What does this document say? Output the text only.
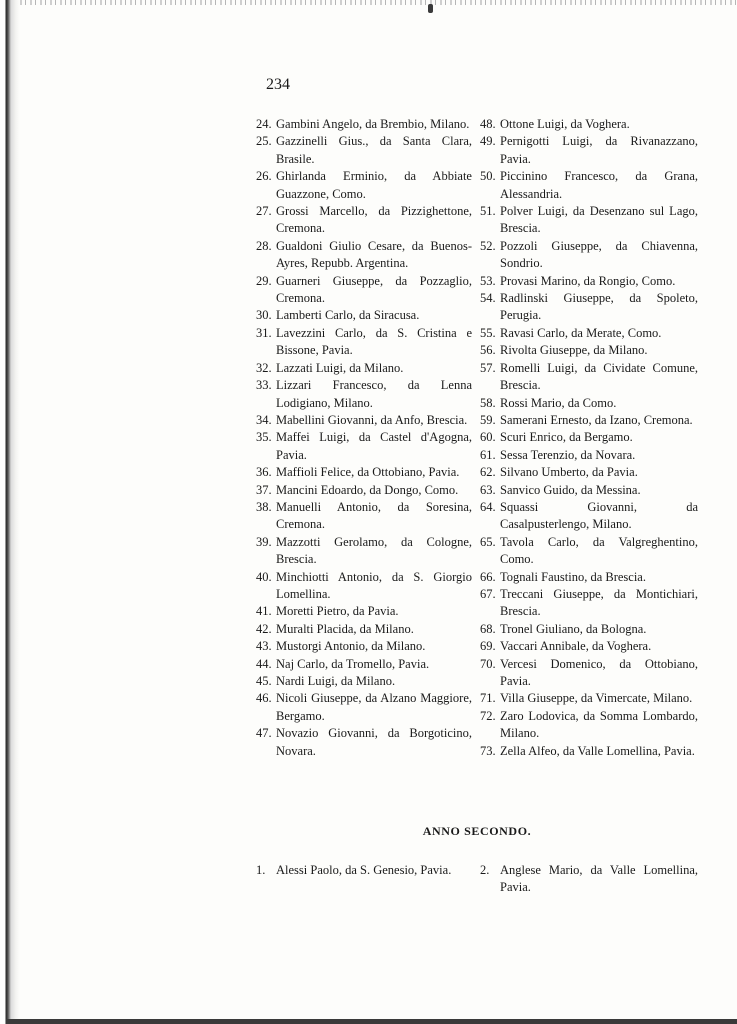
234
24. Gambini Angelo, da Brembio, Milano.
25. Gazzinelli Gius., da Santa Clara, Brasile.
26. Ghirlanda Erminio, da Abbiate Guazzone, Como.
27. Grossi Marcello, da Pizzighettone, Cremona.
28. Gualdoni Giulio Cesare, da Buenos-Ayres, Repubb. Argentina.
29. Guarneri Giuseppe, da Pozzaglio, Cremona.
30. Lamberti Carlo, da Siracusa.
31. Lavezzini Carlo, da S. Cristina e Bissone, Pavia.
32. Lazzati Luigi, da Milano.
33. Lizzari Francesco, da Lenna Lodigiano, Milano.
34. Mabellini Giovanni, da Anfo, Brescia.
35. Maffei Luigi, da Castel d'Agogna, Pavia.
36. Maffioli Felice, da Ottobiano, Pavia.
37. Mancini Edoardo, da Dongo, Como.
38. Manuelli Antonio, da Soresina, Cremona.
39. Mazzotti Gerolamo, da Cologne, Brescia.
40. Minchiotti Antonio, da S. Giorgio Lomellina.
41. Moretti Pietro, da Pavia.
42. Muralti Placida, da Milano.
43. Mustorgi Antonio, da Milano.
44. Naj Carlo, da Tromello, Pavia.
45. Nardi Luigi, da Milano.
46. Nicoli Giuseppe, da Alzano Maggiore, Bergamo.
47. Novazio Giovanni, da Borgoticino, Novara.
48. Ottone Luigi, da Voghera.
49. Pernigotti Luigi, da Rivanazzano, Pavia.
50. Piccinino Francesco, da Grana, Alessandria.
51. Polver Luigi, da Desenzano sul Lago, Brescia.
52. Pozzoli Giuseppe, da Chiavenna, Sondrio.
53. Provasi Marino, da Rongio, Como.
54. Radlinski Giuseppe, da Spoleto, Perugia.
55. Ravasi Carlo, da Merate, Como.
56. Rivolta Giuseppe, da Milano.
57. Romelli Luigi, da Cividate Comune, Brescia.
58. Rossi Mario, da Como.
59. Samerani Ernesto, da Izano, Cremona.
60. Scuri Enrico, da Bergamo.
61. Sessa Terenzio, da Novara.
62. Silvano Umberto, da Pavia.
63. Sanvico Guido, da Messina.
64. Squassi Giovanni, da Casalpusterlengo, Milano.
65. Tavola Carlo, da Valgreghentino, Como.
66. Tognali Faustino, da Brescia.
67. Treccani Giuseppe, da Montichiari, Brescia.
68. Tronel Giuliano, da Bologna.
69. Vaccari Annibale, da Voghera.
70. Vercesi Domenico, da Ottobiano, Pavia.
71. Villa Giuseppe, da Vimercate, Milano.
72. Zaro Lodovica, da Somma Lombardo, Milano.
73. Zella Alfeo, da Valle Lomellina, Pavia.
ANNO SECONDO.
1. Alessi Paolo, da S. Genesio, Pavia.	2. Anglese Mario, da Valle Lomellina, Pavia.
